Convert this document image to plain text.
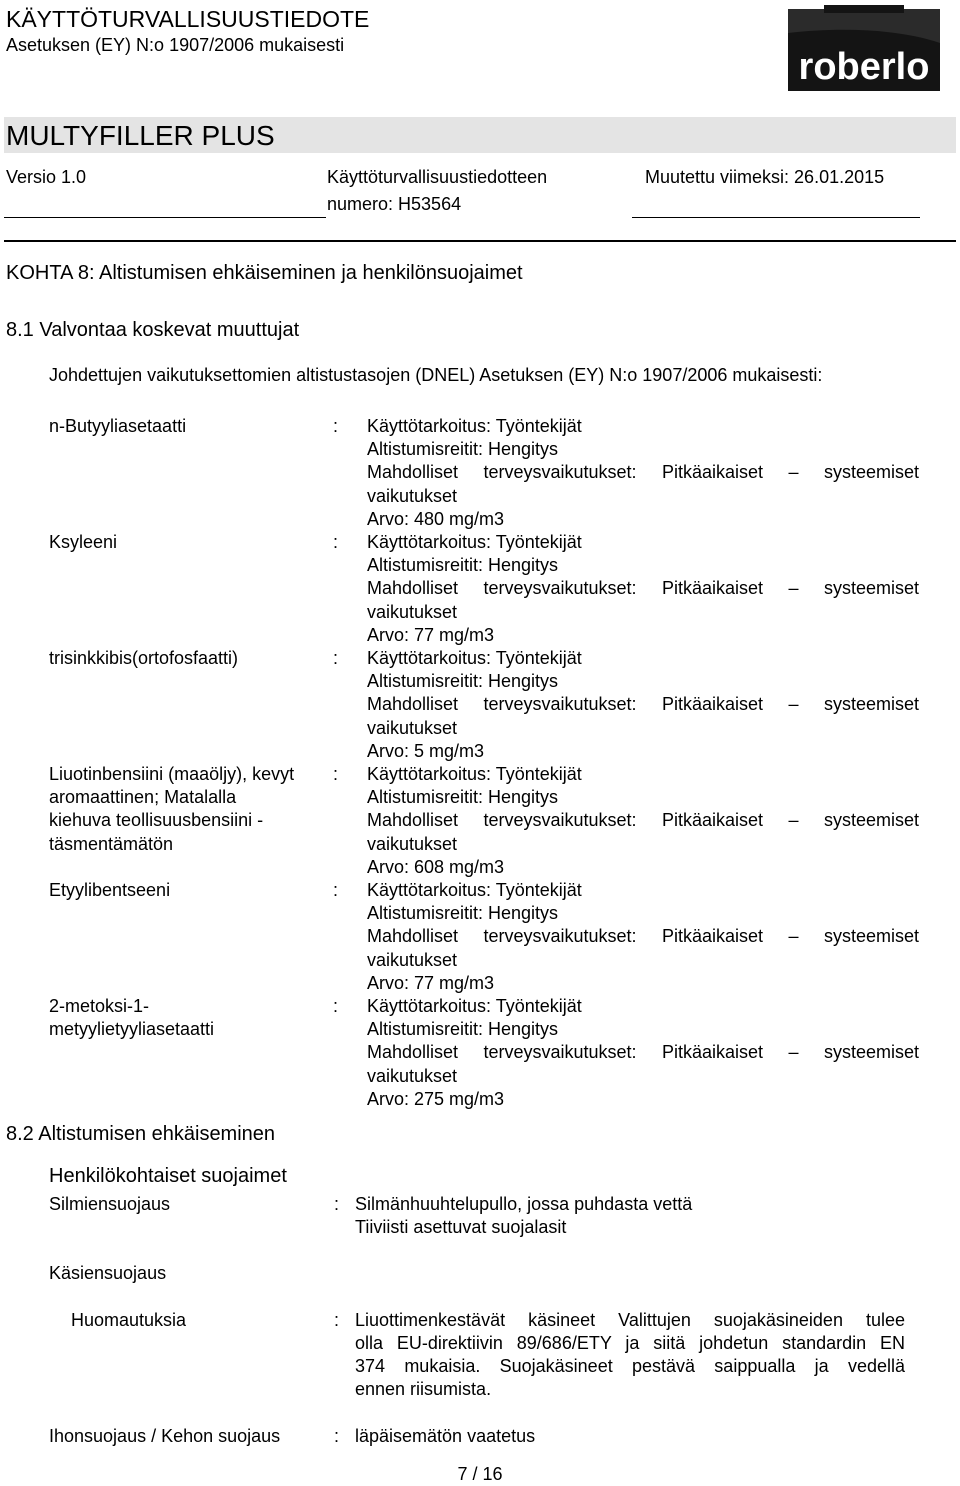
KÄYTTÖTURVALLISUUSTIEDOTE
Asetuksen (EY) N:o 1907/2006 mukaisesti
roberlo
MULTYFILLER PLUS
Versio 1.0	Käyttöturvallisuustiedotteen
numero: H53564
Muutettu viimeksi: 26.01.2015
KOHTA 8: Altistumisen ehkäiseminen ja henkilönsuojaimet
8.1 Valvontaa koskevat muuttujat
Johdettujen vaikutuksettomien altistustasojen (DNEL) Asetuksen (EY) N:o 1907/2006 mukaisesti:
n-Butyyliasetaatti	:	Käyttötarkoitus: Työntekijät
Altistumisreitit: Hengitys
Mahdolliset terveysvaikutukset: Pitkäaikaiset – systeemiset
vaikutukset
Arvo: 480 mg/m3
Ksyleeni	:	Käyttötarkoitus: Työntekijät
Altistumisreitit: Hengitys
Mahdolliset terveysvaikutukset: Pitkäaikaiset – systeemiset
vaikutukset
Arvo: 77 mg/m3
trisinkkibis(ortofosfaatti)	:	Käyttötarkoitus: Työntekijät
Altistumisreitit: Hengitys
Mahdolliset terveysvaikutukset: Pitkäaikaiset – systeemiset
vaikutukset
Arvo: 5 mg/m3
Liuotinbensiini (maaöljy), kevyt
aromaattinen; Matalalla
kiehuva teollisuusbensiini -
täsmentämätön
:	Käyttötarkoitus: Työntekijät
Altistumisreitit: Hengitys
Mahdolliset terveysvaikutukset: Pitkäaikaiset – systeemiset
vaikutukset
Arvo: 608 mg/m3
Etyylibentseeni	:	Käyttötarkoitus: Työntekijät
Altistumisreitit: Hengitys
Mahdolliset terveysvaikutukset: Pitkäaikaiset – systeemiset
vaikutukset
Arvo: 77 mg/m3
2-metoksi-1-
metyylietyyliasetaatti
:	Käyttötarkoitus: Työntekijät
Altistumisreitit: Hengitys
Mahdolliset terveysvaikutukset: Pitkäaikaiset – systeemiset
vaikutukset
Arvo: 275 mg/m3
8.2 Altistumisen ehkäiseminen
Henkilökohtaiset suojaimet
Silmiensuojaus	: Silmänhuuhtelupullo, jossa puhdasta vettä
Tiiviisti asettuvat suojalasit
Käsiensuojaus
Huomautuksia	: Liuottimenkestävät käsineet Valittujen suojakäsineiden tulee
olla EU-direktiivin 89/686/ETY ja siitä johdetun standardin EN
374 mukaisia. Suojakäsineet pestävä saippualla ja vedellä
ennen riisumista.
Ihonsuojaus / Kehon suojaus	: läpäisemätön vaatetus
7 / 16
